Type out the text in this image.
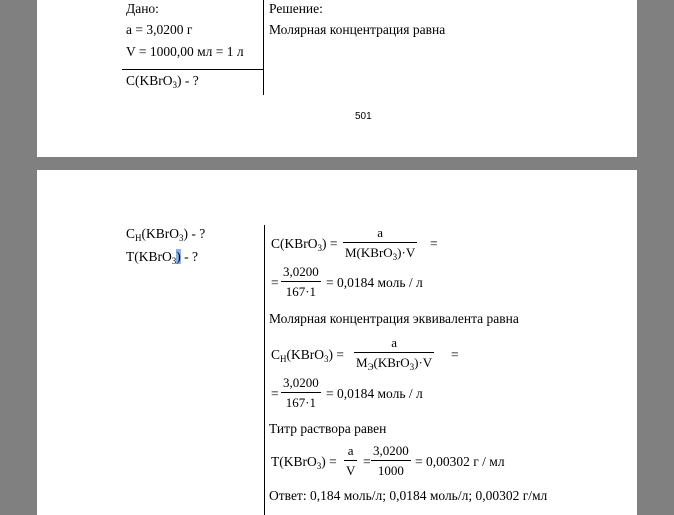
Дано:
a = 3,0200 г
V = 1000,00 мл = 1 л
С(KBrO$_3$) - ?
Решение:
Молярная концентрация равна
501
$С_Н(KBrO_3)$ - ?
Т(KBrO$_3$) - ?
C(KBrO$_3$) =
a
M(KBrO$_3$)·V
=
=
3,0200
167·1
= 0,0184 моль / л
Молярная концентрация эквивалента равна
$C_Н(KBrO_3)$ =
a
$M_Э(KBrO_3)\cdot V$
=
=
3,0200
167·1
= 0,0184 моль / л
Титр раствора равен
T(KBrO$_3$) =
a
V
=
3,0200
1000
= 0,00302 г / мл
Ответ: 0,184 моль/л; 0,0184 моль/л; 0,00302 г/мл
